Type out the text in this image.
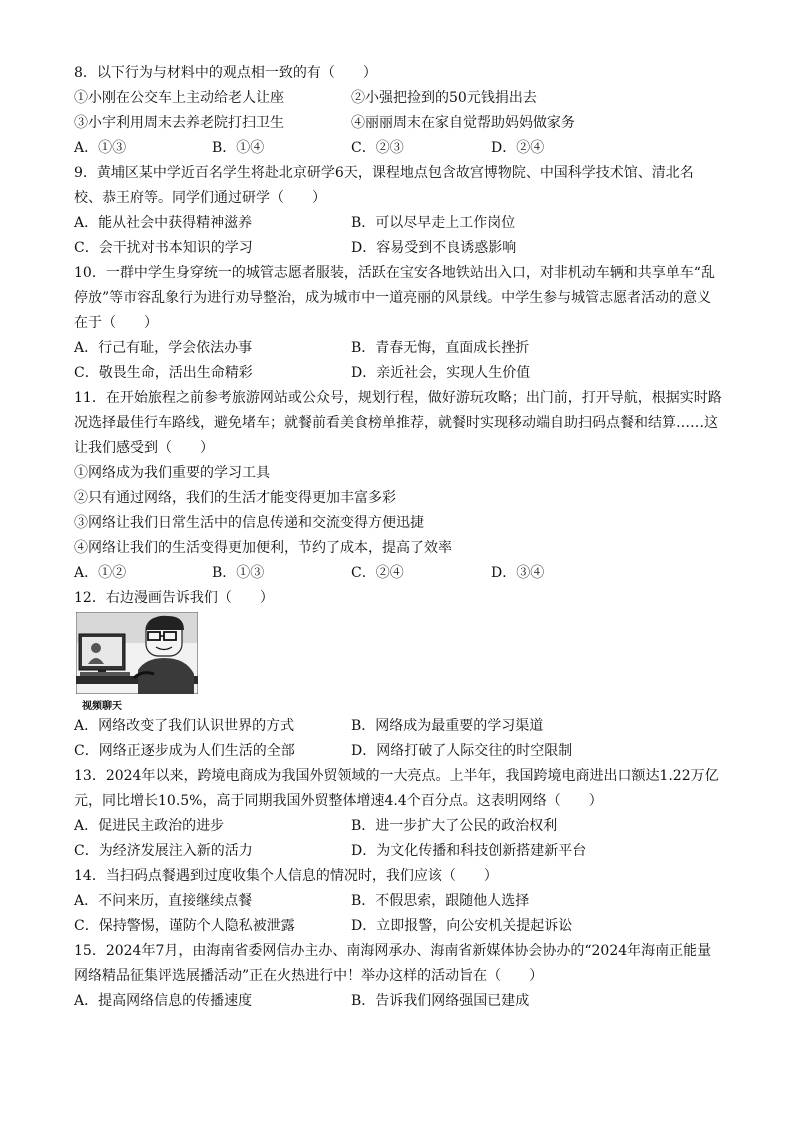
8．以下行为与材料中的观点相一致的有（　　）
①小刚在公交车上主动给老人让座	②小强把捡到的50元钱捐出去
③小宇利用周末去养老院打扫卫生	④丽丽周末在家自觉帮助妈妈做家务
A．①③	B．①④	C．②③	D．②④
9．黄埔区某中学近百名学生将赴北京研学6天，课程地点包含故宫博物院、中国科学技术馆、清北名
校、恭王府等。同学们通过研学（　　）
A．能从社会中获得精神滋养	B．可以尽早走上工作岗位
C．会干扰对书本知识的学习	D．容易受到不良诱惑影响
10．一群中学生身穿统一的城管志愿者服装，活跃在宝安各地铁站出入口，对非机动车辆和共享单车“乱
停放”等市容乱象行为进行劝导整治，成为城市中一道亮丽的风景线。中学生参与城管志愿者活动的意义
在于（　　）
A．行己有耻，学会依法办事	B．青春无悔，直面成长挫折
C．敬畏生命，活出生命精彩	D．亲近社会，实现人生价值
11．在开始旅程之前参考旅游网站或公众号，规划行程，做好游玩攻略；出门前，打开导航，根据实时路
况选择最佳行车路线，避免堵车；就餐前看美食榜单推荐，就餐时实现移动端自助扫码点餐和结算……这
让我们感受到（　　）
①网络成为我们重要的学习工具
②只有通过网络，我们的生活才能变得更加丰富多彩
③网络让我们日常生活中的信息传递和交流变得方便迅捷
④网络让我们的生活变得更加便利，节约了成本，提高了效率
A．①②	B．①③	C．②④	D．③④
12．右边漫画告诉我们（　　）
视频聊天
A．网络改变了我们认识世界的方式	B．网络成为最重要的学习渠道
C．网络正逐步成为人们生活的全部	D．网络打破了人际交往的时空限制
13．2024年以来，跨境电商成为我国外贸领域的一大亮点。上半年，我国跨境电商进出口额达1.22万亿
元，同比增长10.5%，高于同期我国外贸整体增速4.4个百分点。这表明网络（　　）
A．促进民主政治的进步	B．进一步扩大了公民的政治权利
C．为经济发展注入新的活力	D．为文化传播和科技创新搭建新平台
14．当扫码点餐遇到过度收集个人信息的情况时，我们应该（　　）
A．不问来历，直接继续点餐	B．不假思索，跟随他人选择
C．保持警惕，谨防个人隐私被泄露	D．立即报警，向公安机关提起诉讼
15．2024年7月，由海南省委网信办主办、南海网承办、海南省新媒体协会协办的“2024年海南正能量
网络精品征集评选展播活动”正在火热进行中！举办这样的活动旨在（　　）
A．提高网络信息的传播速度	B．告诉我们网络强国已建成
